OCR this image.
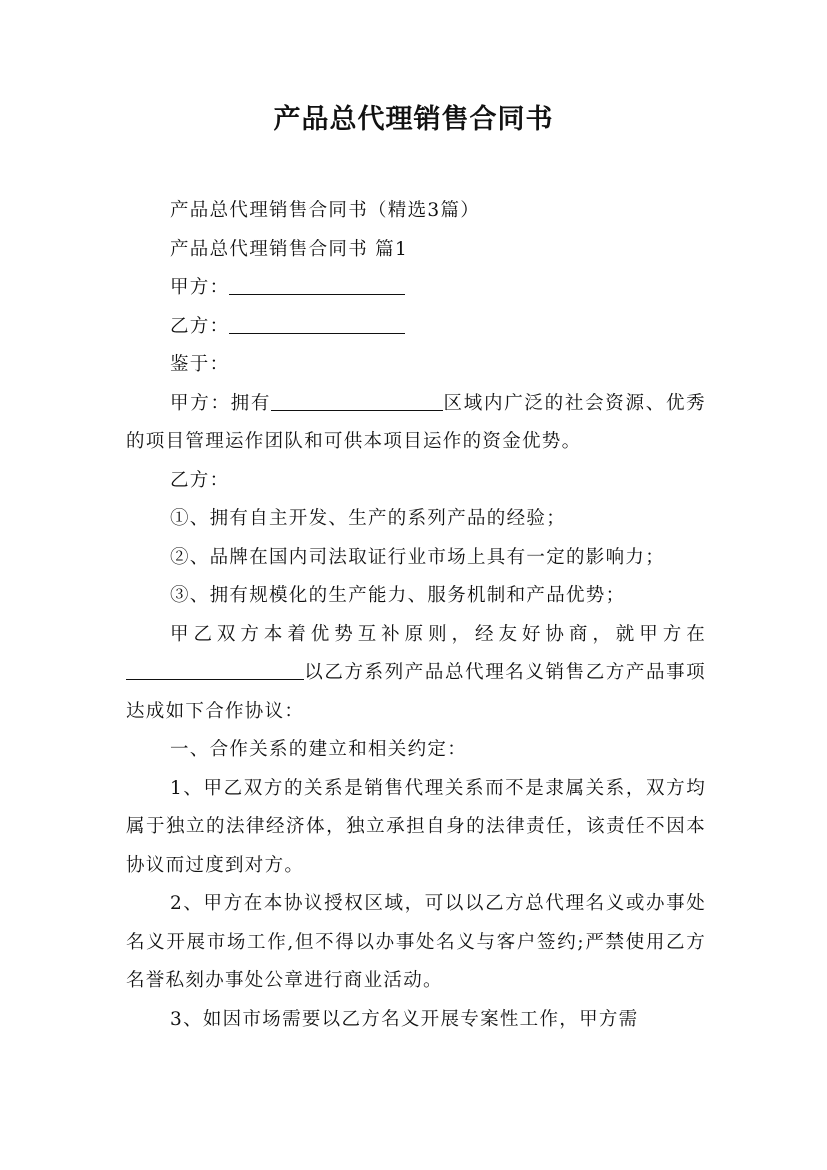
产品总代理销售合同书

产品总代理销售合同书（精选3篇）

产品总代理销售合同书 篇1

甲方：

乙方：

鉴于：

甲方：拥有	区域内广泛的社会资源、优秀的项目管理运作团队和可供本项目运作的资金优势。

乙方：

①、拥有自主开发、生产的系列产品的经验；

②、品牌在国内司法取证行业市场上具有一定的影响力；

③、拥有规模化的生产能力、服务机制和产品优势；

甲乙双方本着优势互补原则，经友好协商，就甲方在以乙方系列产品总代理名义销售乙方产品事项达成如下合作协议：

一、合作关系的建立和相关约定：

1、甲乙双方的关系是销售代理关系而不是隶属关系，双方均属于独立的法律经济体，独立承担自身的法律责任，该责任不因本协议而过度到对方。

2、甲方在本协议授权区域，可以以乙方总代理名义或办事处名义开展市场工作,但不得以办事处名义与客户签约;严禁使用乙方名誉私刻办事处公章进行商业活动。

3、如因市场需要以乙方名义开展专案性工作，甲方需
